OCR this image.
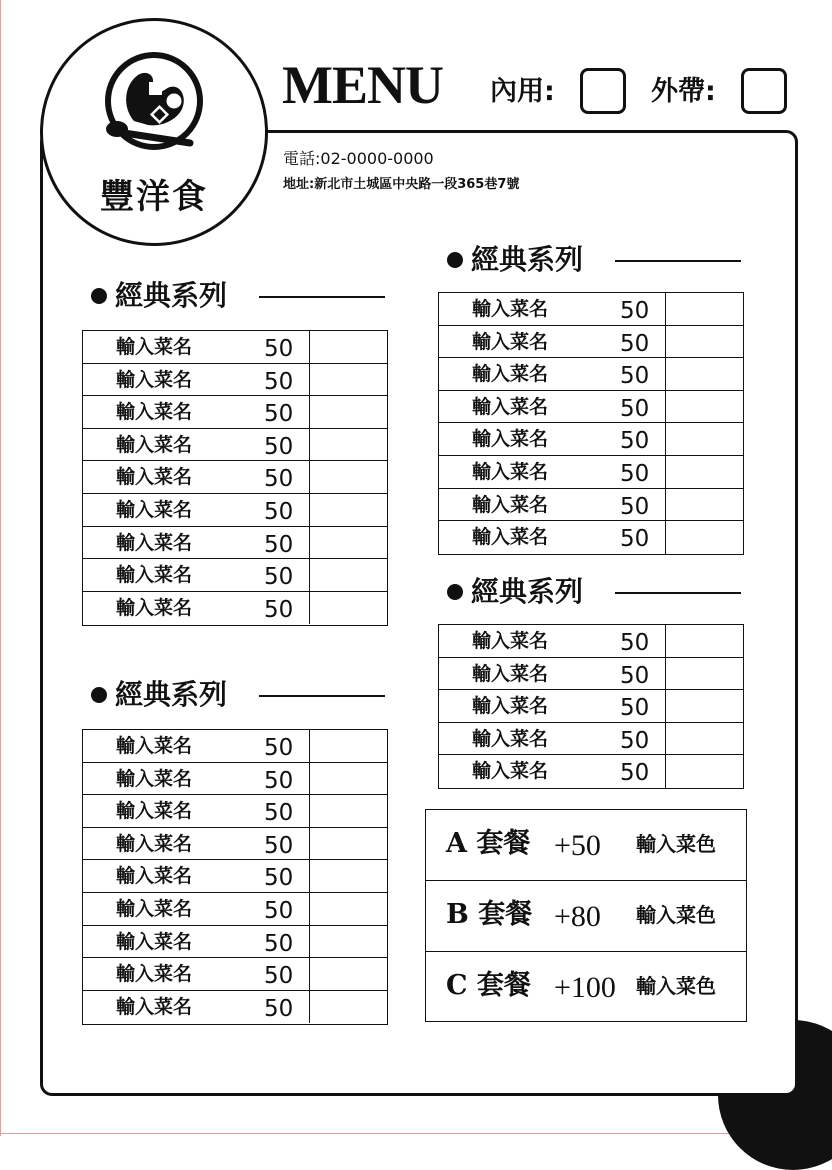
豐洋食
MENU 內用:	外帶:
電話:02-0000-0000
地址:新北市土城區中央路一段365巷7號
經典系列
輸入菜名	50
輸入菜名	50
輸入菜名	50
輸入菜名	50
輸入菜名	50
輸入菜名	50
輸入菜名	50
輸入菜名	50
輸入菜名	50
經典系列
輸入菜名	50
輸入菜名	50
輸入菜名	50
輸入菜名	50
輸入菜名	50
輸入菜名	50
輸入菜名	50
輸入菜名	50
輸入菜名	50
經典系列
輸入菜名	50
輸入菜名	50
輸入菜名	50
輸入菜名	50
輸入菜名	50
輸入菜名	50
輸入菜名	50
輸入菜名	50
經典系列
輸入菜名	50
輸入菜名	50
輸入菜名	50
輸入菜名	50
輸入菜名	50
A 套餐 +50 輸入菜色
B 套餐 +80 輸入菜色
C 套餐 +100 輸入菜色
